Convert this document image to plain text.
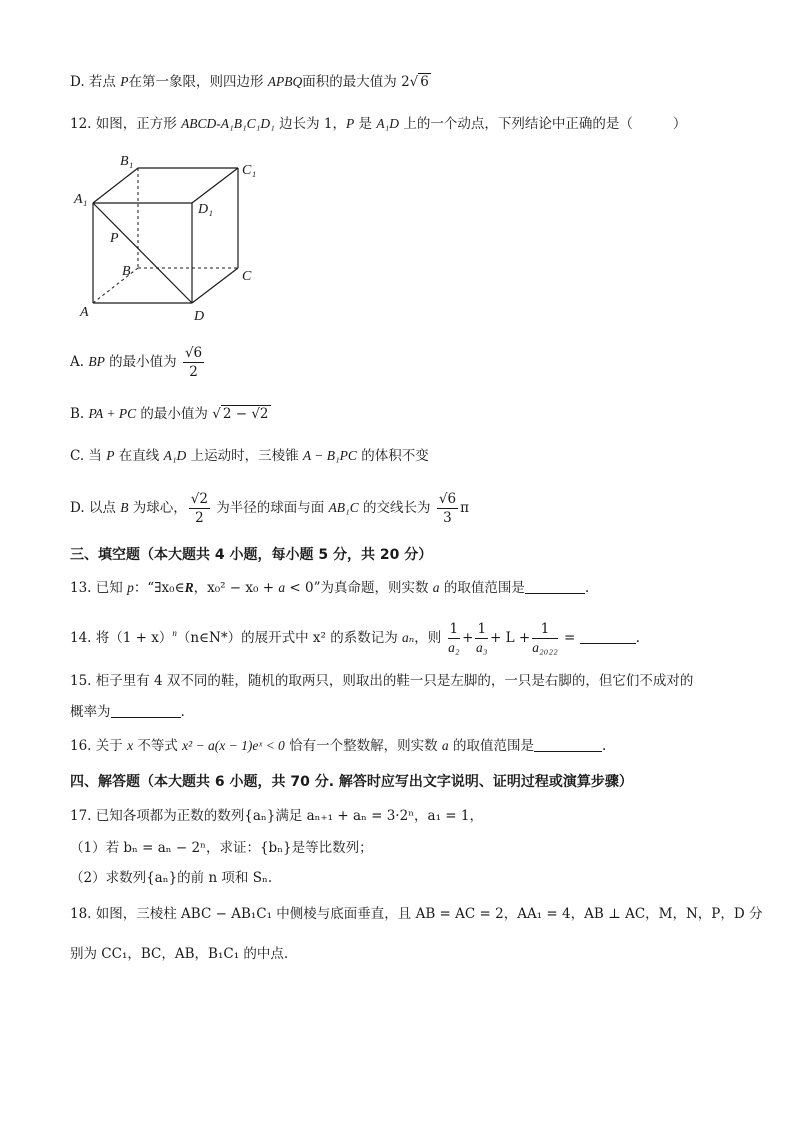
D. 若点 P在第一象限，则四边形 APBQ面积的最大值为 2√ 6
12. 如图，正方形 ABCD-A₁B₁C₁D₁ 边长为 1，P 是 A₁D 上的一个动点，下列结论中正确的是（	）
B₁
C₁
A₁
D₁
P
B	C
A	D
A. BP 的最小值为 $\frac{√6}{2}$
B. PA + PC 的最小值为 √ 2 − √2
C. 当 P 在直线 A₁D 上运动时，三棱锥 A − B₁PC 的体积不变
D. 以点 B 为球心， $\frac{√2}{2}$ 为半径的球面与面 AB₁C 的交线长为 $\frac{√6}{3}$ π
三、填空题（本大题共 4 小题，每小题 5 分，共 20 分）
13. 已知 p：“∃x₀∈R，x₀² − x₀ + a < 0”为真命题，则实数 a 的取值范围是	.
14. 将$(1 + x)^n(n\in N*)$的展开式中 x² 的系数记为 aₙ，则 $\frac{1}{\text{a₂}} + \frac{1}{\text{a₃}} + L + \frac{1}{\text{a₂₀₂₂}}$ =	.
15. 柜子里有 4 双不同的鞋，随机的取两只，则取出的鞋一只是左脚的，一只是右脚的，但它们不成对的
概率为	.
16. 关于 x 不等式 x² − a(x − 1)eˣ < 0 恰有一个整数解，则实数 a 的取值范围是	.
四、解答题（本大题共 6 小题，共 70 分. 解答时应写出文字说明、证明过程或演算步骤）
17. 已知各项都为正数的数列{aₙ}满足 aₙ₊₁ + aₙ = 3·2ⁿ，a₁ = 1，
（1）若 bₙ = aₙ − 2ⁿ，求证：{bₙ}是等比数列；
（2）求数列{aₙ}的前 n 项和 Sₙ.
18. 如图，三棱柱 ABC − AB₁C₁ 中侧棱与底面垂直，且 AB = AC = 2，AA₁ = 4，AB ⊥ AC，M，N，P，D 分
别为 CC₁，BC，AB，B₁C₁ 的中点.
